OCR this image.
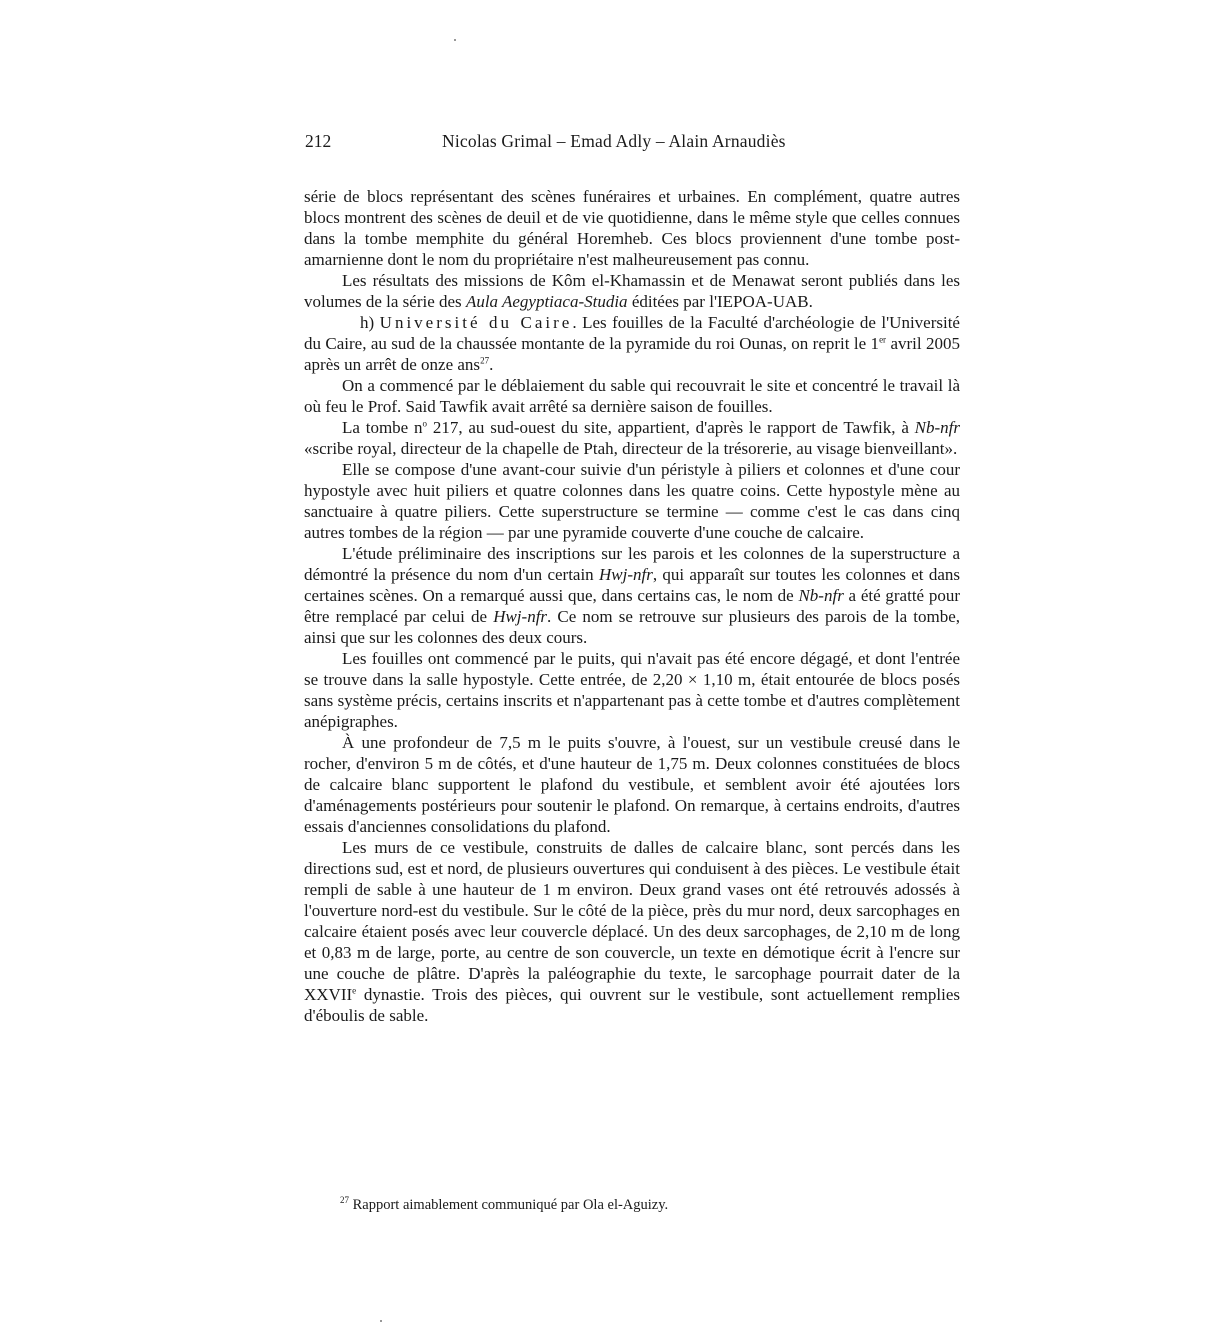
212	Nicolas Grimal – Emad Adly – Alain Arnaudiès

série de blocs représentant des scènes funéraires et urbaines. En complément, quatre autres blocs montrent des scènes de deuil et de vie quotidienne, dans le même style que celles connues dans la tombe memphite du général Horemheb. Ces blocs proviennent d'une tombe post-amarnienne dont le nom du propriétaire n'est malheureusement pas connu.

Les résultats des missions de Kôm el-Khamassin et de Menawat seront publiés dans les volumes de la série des Aula Aegyptiaca-Studia éditées par l'IEPOA-UAB.

h) Université du Caire. Les fouilles de la Faculté d'archéologie de l'Université du Caire, au sud de la chaussée montante de la pyramide du roi Ounas, on reprit le 1er avril 2005 après un arrêt de onze ans$^{27}$.

On a commencé par le déblaiement du sable qui recouvrait le site et concentré le travail là où feu le Prof. Said Tawfik avait arrêté sa dernière saison de fouilles.

La tombe $n^o$ 217, au sud-ouest du site, appartient, d'après le rapport de Tawfik, à Nb-nfr «scribe royal, directeur de la chapelle de Ptah, directeur de la trésorerie, au visage bienveillant».

Elle se compose d'une avant-cour suivie d'un péristyle à piliers et colonnes et d'une cour hypostyle avec huit piliers et quatre colonnes dans les quatre coins. Cette hypostyle mène au sanctuaire à quatre piliers. Cette superstructure se termine — comme c'est le cas dans cinq autres tombes de la région — par une pyramide couverte d'une couche de calcaire.

L'étude préliminaire des inscriptions sur les parois et les colonnes de la superstructure a démontré la présence du nom d'un certain Hwj-nfr, qui apparaît sur toutes les colonnes et dans certaines scènes. On a remarqué aussi que, dans certains cas, le nom de Nb-nfr a été gratté pour être remplacé par celui de Hwj-nfr. Ce nom se retrouve sur plusieurs des parois de la tombe, ainsi que sur les colonnes des deux cours.

Les fouilles ont commencé par le puits, qui n'avait pas été encore dégagé, et dont l'entrée se trouve dans la salle hypostyle. Cette entrée, de 2,20 × 1,10 m, était entourée de blocs posés sans système précis, certains inscrits et n'appartenant pas à cette tombe et d'autres complètement anépigraphes.

À une profondeur de 7,5 m le puits s'ouvre, à l'ouest, sur un vestibule creusé dans le rocher, d'environ 5 m de côtés, et d'une hauteur de 1,75 m. Deux colonnes constituées de blocs de calcaire blanc supportent le plafond du vestibule, et semblent avoir été ajoutées lors d'aménagements postérieurs pour soutenir le plafond. On remarque, à certains endroits, d'autres essais d'anciennes consolidations du plafond.

Les murs de ce vestibule, construits de dalles de calcaire blanc, sont percés dans les directions sud, est et nord, de plusieurs ouvertures qui conduisent à des pièces. Le vestibule était rempli de sable à une hauteur de 1 m environ. Deux grand vases ont été retrouvés adossés à l'ouverture nord-est du vestibule. Sur le côté de la pièce, près du mur nord, deux sarcophages en calcaire étaient posés avec leur couvercle déplacé. Un des deux sarcophages, de 2,10 m de long et 0,83 m de large, porte, au centre de son couvercle, un texte en démotique écrit à l'encre sur une couche de plâtre. D'après la paléographie du texte, le sarcophage pourrait dater de la XXVIIe dynastie. Trois des pièces, qui ouvrent sur le vestibule, sont actuellement remplies d'éboulis de sable.

$^{27}$ Rapport aimablement communiqué par Ola el-Aguizy.
